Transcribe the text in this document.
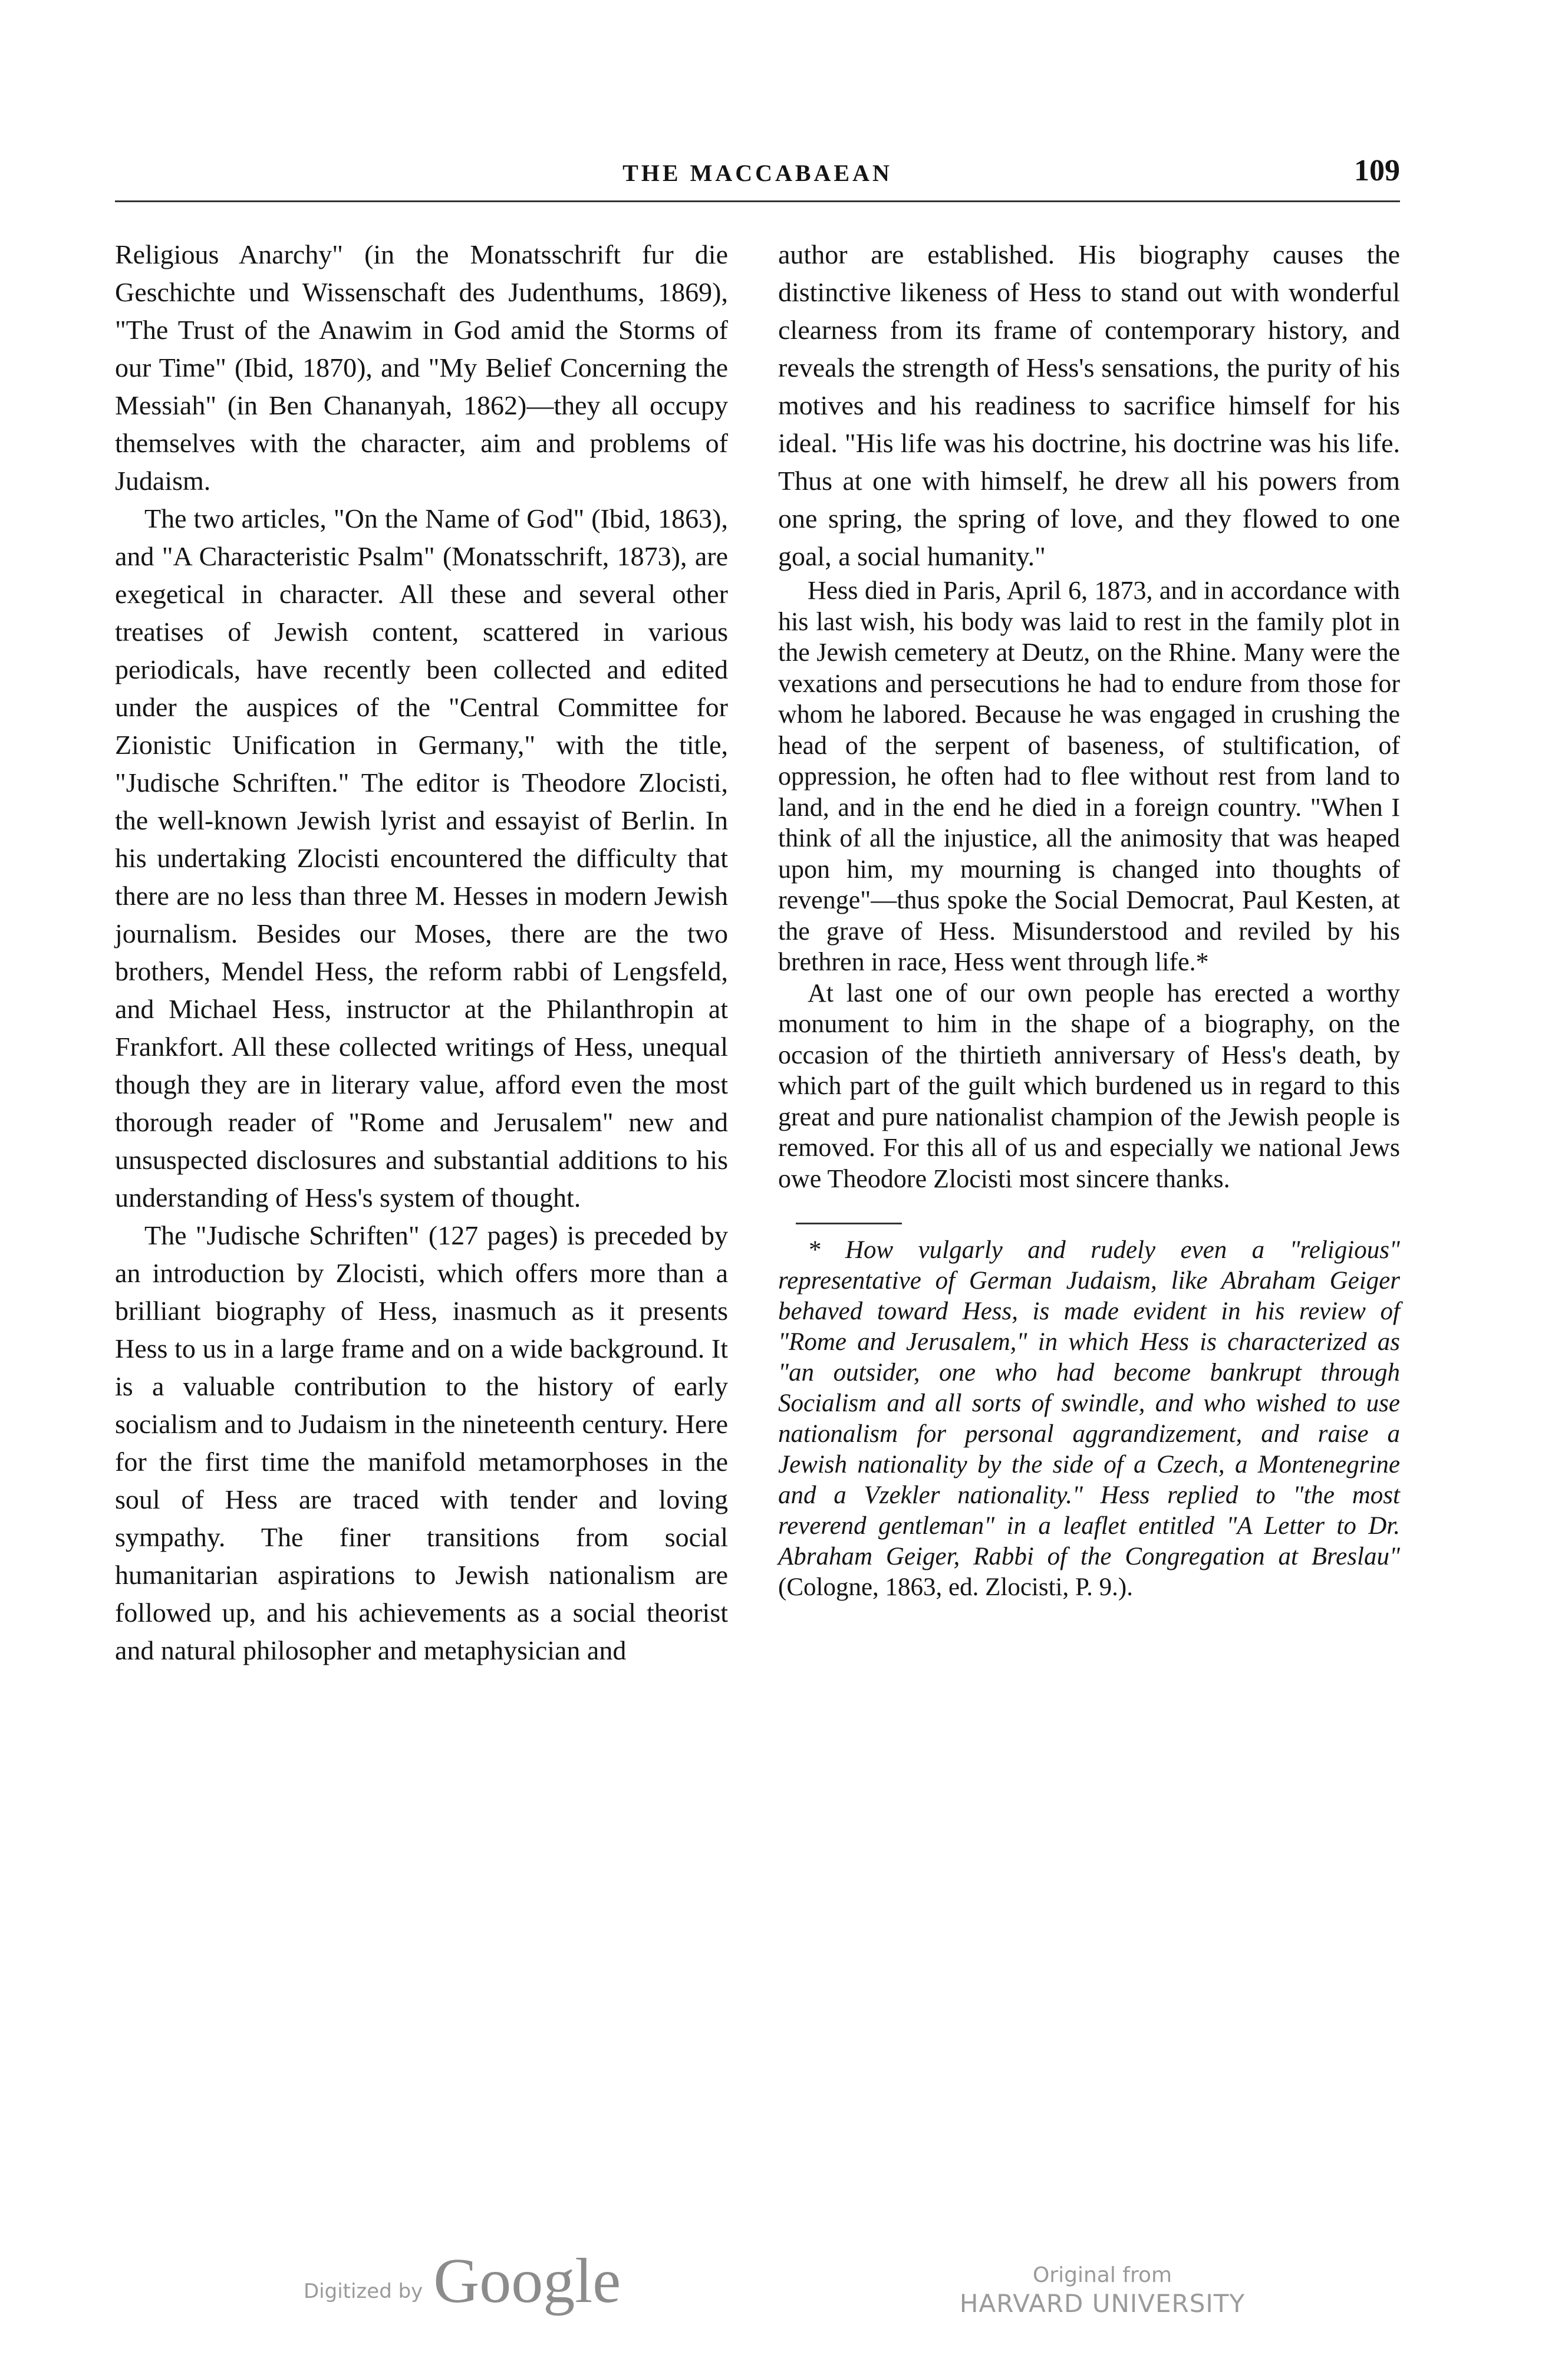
THE MACCABAEAN	109

Religious Anarchy" (in the Monatsschrift fur die Geschichte und Wissenschaft des Judenthums, 1869), "The Trust of the Anawim in God amid the Storms of our Time" (Ibid, 1870), and "My Belief Concerning the Messiah" (in Ben Chananyah, 1862)—they all occupy themselves with the character, aim and problems of Judaism.

The two articles, "On the Name of God" (Ibid, 1863), and "A Characteristic Psalm" (Monatsschrift, 1873), are exegetical in character. All these and several other treatises of Jewish content, scattered in various periodicals, have recently been collected and edited under the auspices of the "Central Committee for Zionistic Unification in Germany," with the title, "Judische Schriften." The editor is Theodore Zlocisti, the well-known Jewish lyrist and essayist of Berlin. In his undertaking Zlocisti encountered the difficulty that there are no less than three M. Hesses in modern Jewish journalism. Besides our Moses, there are the two brothers, Mendel Hess, the reform rabbi of Lengsfeld, and Michael Hess, instructor at the Philanthropin at Frankfort. All these collected writings of Hess, unequal though they are in literary value, afford even the most thorough reader of "Rome and Jerusalem" new and unsuspected disclosures and substantial additions to his understanding of Hess's system of thought.

The "Judische Schriften" (127 pages) is preceded by an introduction by Zlocisti, which offers more than a brilliant biography of Hess, inasmuch as it presents Hess to us in a large frame and on a wide background. It is a valuable contribution to the history of early socialism and to Judaism in the nineteenth century. Here for the first time the manifold metamorphoses in the soul of Hess are traced with tender and loving sympathy. The finer transitions from social humanitarian aspirations to Jewish nationalism are followed up, and his achievements as a social theorist and natural philosopher and metaphysician and

author are established. His biography causes the distinctive likeness of Hess to stand out with wonderful clearness from its frame of contemporary history, and reveals the strength of Hess's sensations, the purity of his motives and his readiness to sacrifice himself for his ideal. "His life was his doctrine, his doctrine was his life. Thus at one with himself, he drew all his powers from one spring, the spring of love, and they flowed to one goal, a social humanity."

Hess died in Paris, April 6, 1873, and in accordance with his last wish, his body was laid to rest in the family plot in the Jewish cemetery at Deutz, on the Rhine. Many were the vexations and persecutions he had to endure from those for whom he labored. Because he was engaged in crushing the head of the serpent of baseness, of stultification, of oppression, he often had to flee without rest from land to land, and in the end he died in a foreign country. "When I think of all the injustice, all the animosity that was heaped upon him, my mourning is changed into thoughts of revenge"—thus spoke the Social Democrat, Paul Kesten, at the grave of Hess. Misunderstood and reviled by his brethren in race, Hess went through life.*

At last one of our own people has erected a worthy monument to him in the shape of a biography, on the occasion of the thirtieth anniversary of Hess's death, by which part of the guilt which burdened us in regard to this great and pure nationalist champion of the Jewish people is removed. For this all of us and especially we national Jews owe Theodore Zlocisti most sincere thanks.

* How vulgarly and rudely even a "religious" representative of German Judaism, like Abraham Geiger behaved toward Hess, is made evident in his review of "Rome and Jerusalem," in which Hess is characterized as "an outsider, one who had become bankrupt through Socialism and all sorts of swindle, and who wished to use nationalism for personal aggrandizement, and raise a Jewish nationality by the side of a Czech, a Montenegrine and a Vzekler nationality." Hess replied to "the most reverend gentleman" in a leaflet entitled "A Letter to Dr. Abraham Geiger, Rabbi of the Congregation at Breslau" (Cologne, 1863, ed. Zlocisti, P. 9.).
Digitized by Google	Original from
HARVARD UNIVERSITY
